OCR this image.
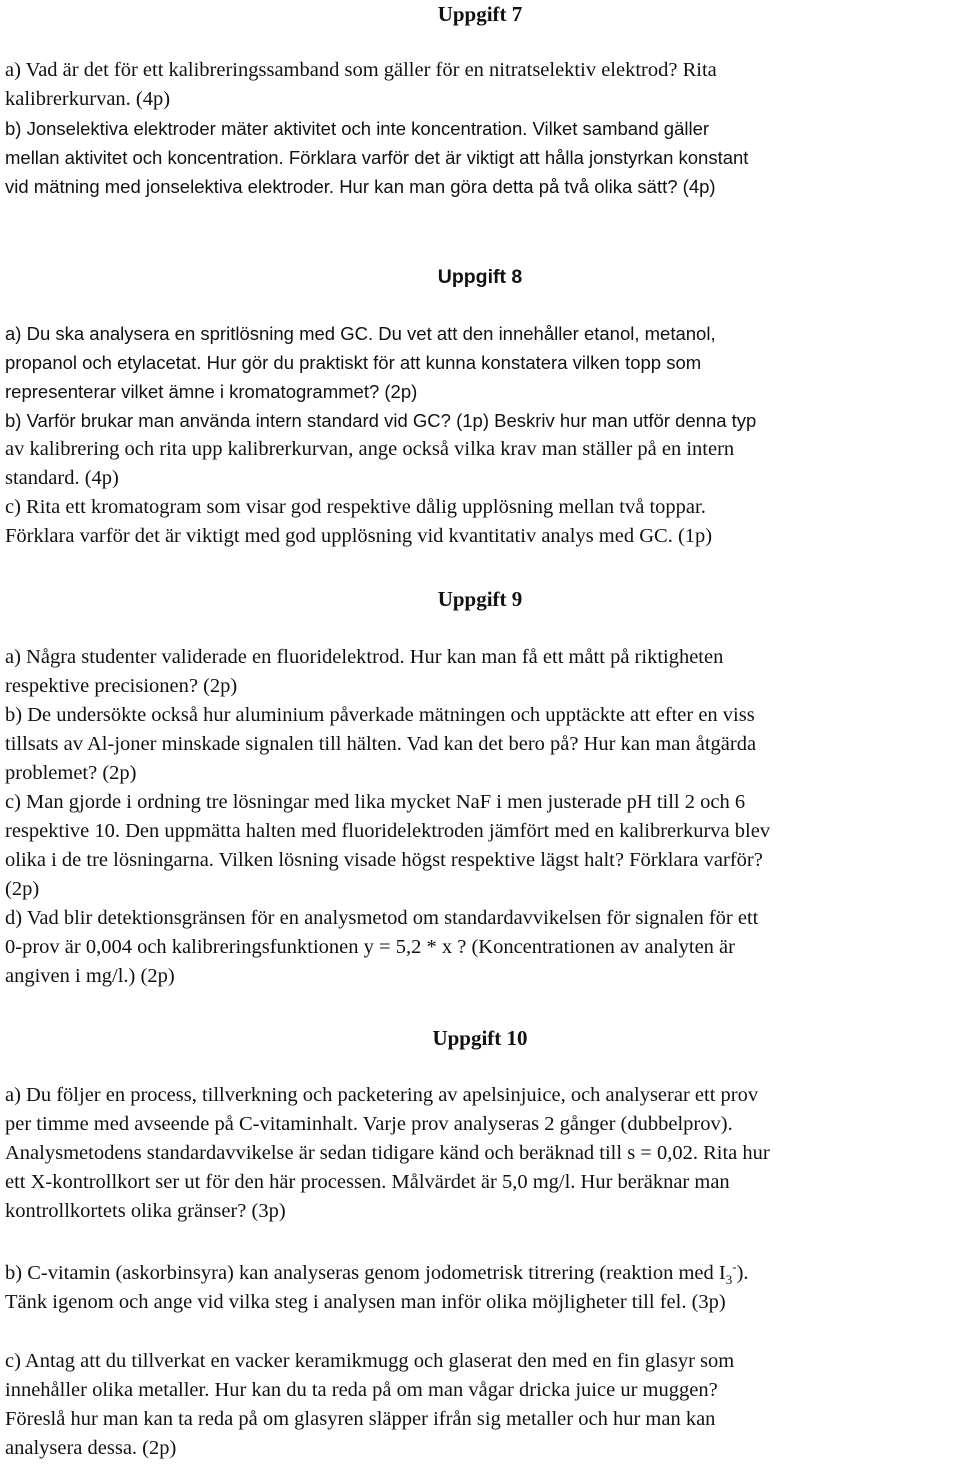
Uppgift 7

a) Vad är det för ett kalibreringssamband som gäller för en nitratselektiv elektrod? Rita

kalibrerkurvan. (4p)

b) Jonselektiva elektroder mäter aktivitet och inte koncentration. Vilket samband gäller

mellan aktivitet och koncentration. Förklara varför det är viktigt att hålla jonstyrkan konstant

vid mätning med jonselektiva elektroder. Hur kan man göra detta på två olika sätt? (4p)

Uppgift 8

a) Du ska analysera en spritlösning med GC. Du vet att den innehåller etanol, metanol,

propanol och etylacetat. Hur gör du praktiskt för att kunna konstatera vilken topp som

representerar vilket ämne i kromatogrammet? (2p)

b) Varför brukar man använda intern standard vid GC? (1p) Beskriv hur man utför denna typ

av kalibrering och rita upp kalibrerkurvan, ange också vilka krav man ställer på en intern

standard. (4p)

c) Rita ett kromatogram som visar god respektive dålig upplösning mellan två toppar.

Förklara varför det är viktigt med god upplösning vid kvantitativ analys med GC. (1p)

Uppgift 9

a) Några studenter validerade en fluoridelektrod. Hur kan man få ett mått på riktigheten

respektive precisionen? (2p)

b) De undersökte också hur aluminium påverkade mätningen och upptäckte att efter en viss

tillsats av Al-joner minskade signalen till hälten. Vad kan det bero på? Hur kan man åtgärda

problemet? (2p)

c) Man gjorde i ordning tre lösningar med lika mycket NaF i men justerade pH till 2 och 6

respektive 10. Den uppmätta halten med fluoridelektroden jämfört med en kalibrerkurva blev

olika i de tre lösningarna. Vilken lösning visade högst respektive lägst halt? Förklara varför?

(2p)

d) Vad blir detektionsgränsen för en analysmetod om standardavvikelsen för signalen för ett

0-prov är 0,004 och kalibreringsfunktionen y = 5,2 * x ? (Koncentrationen av analyten är

angiven i mg/l.) (2p)

Uppgift 10

a) Du följer en process, tillverkning och packetering av apelsinjuice, och analyserar ett prov

per timme med avseende på C-vitaminhalt. Varje prov analyseras 2 gånger (dubbelprov).

Analysmetodens standardavvikelse är sedan tidigare känd och beräknad till s = 0,02. Rita hur

ett X-kontrollkort ser ut för den här processen. Målvärdet är 5,0 mg/l. Hur beräknar man

kontrollkortets olika gränser? (3p)

b) C-vitamin (askorbinsyra) kan analyseras genom jodometrisk titrering (reaktion med $I_3^-$).

Tänk igenom och ange vid vilka steg i analysen man inför olika möjligheter till fel. (3p)

c) Antag att du tillverkat en vacker keramikmugg och glaserat den med en fin glasyr som

innehåller olika metaller. Hur kan du ta reda på om man vågar dricka juice ur muggen?

Föreslå hur man kan ta reda på om glasyren släpper ifrån sig metaller och hur man kan

analysera dessa. (2p)
